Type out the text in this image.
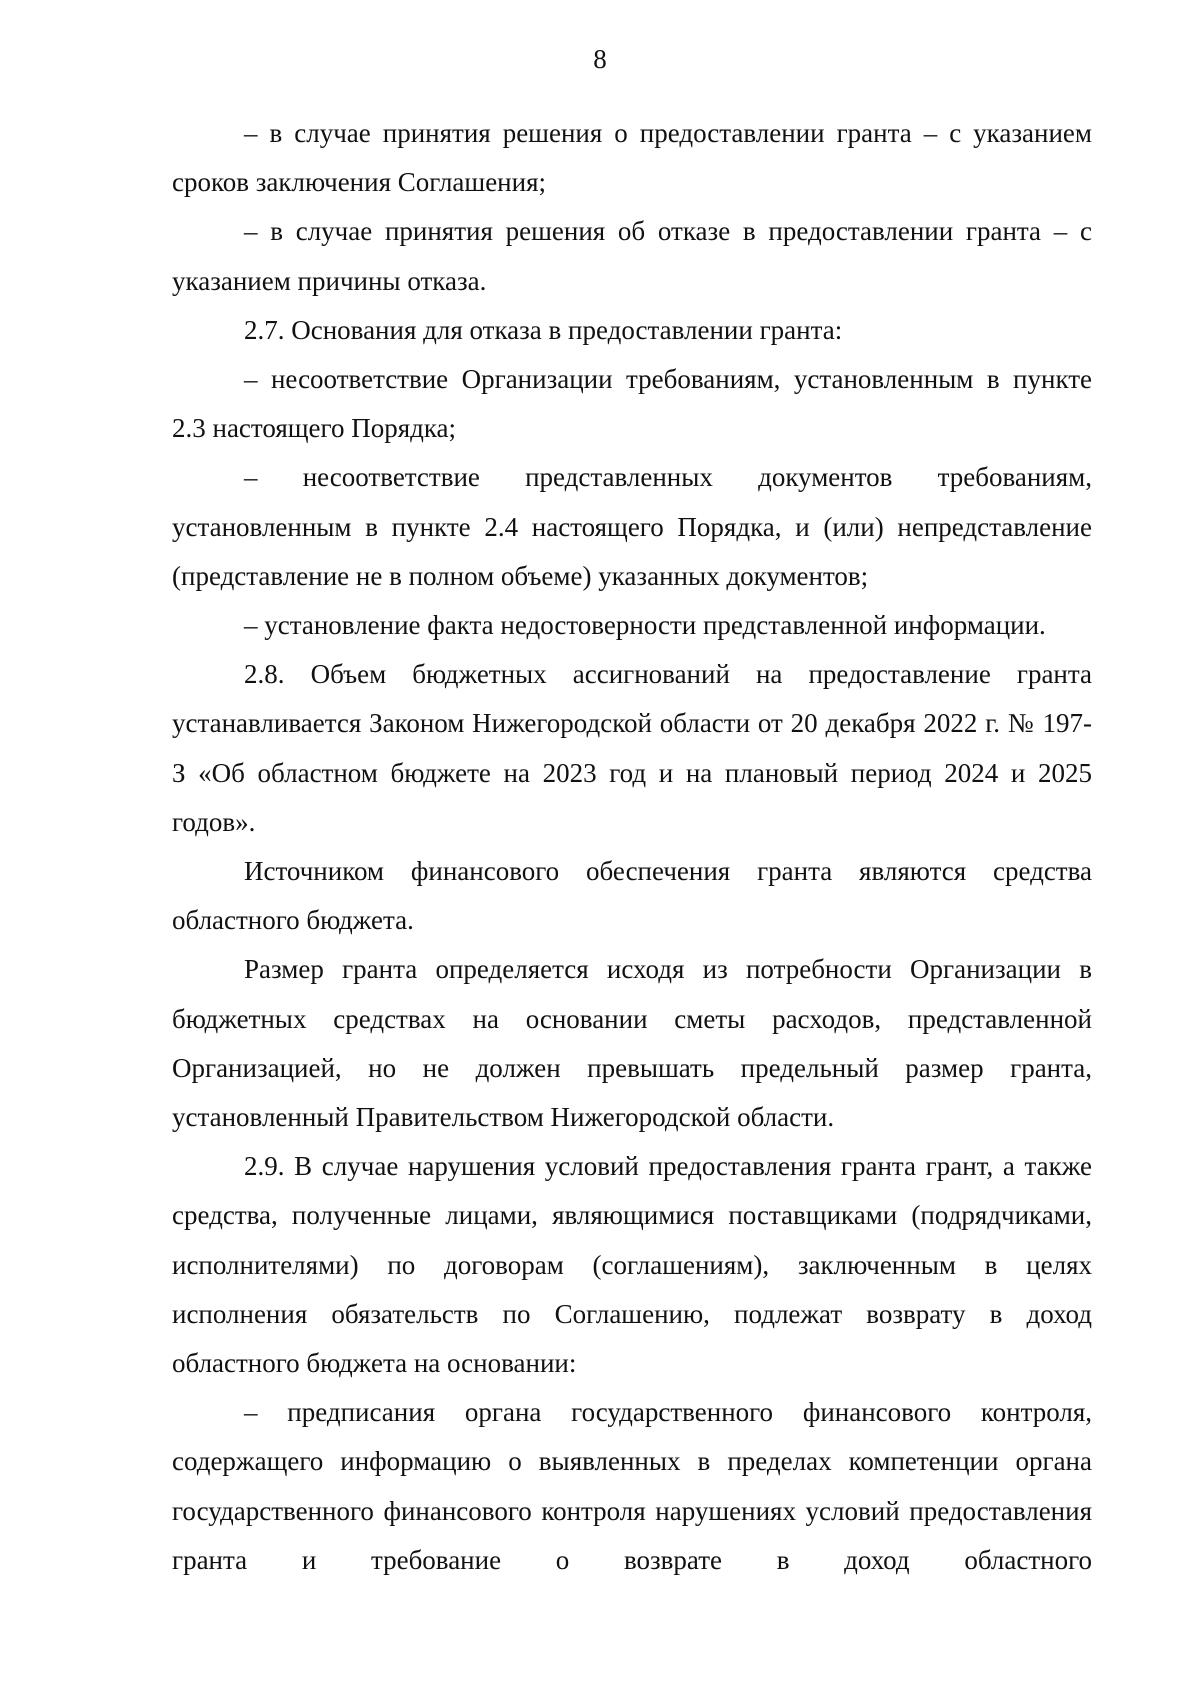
8

– в случае принятия решения о предоставлении гранта – с указанием сроков заключения Соглашения;

– в случае принятия решения об отказе в предоставлении гранта – с указанием причины отказа.

2.7. Основания для отказа в предоставлении гранта:

– несоответствие Организации требованиям, установленным в пункте 2.3 настоящего Порядка;

– несоответствие представленных документов требованиям, установленным в пункте 2.4 настоящего Порядка, и (или) непредставление (представление не в полном объеме) указанных документов;

– установление факта недостоверности представленной информации.

2.8. Объем бюджетных ассигнований на предоставление гранта устанавливается Законом Нижегородской области от 20 декабря 2022 г. № 197-З «Об областном бюджете на 2023 год и на плановый период 2024 и 2025 годов».

Источником финансового обеспечения гранта являются средства областного бюджета.

Размер гранта определяется исходя из потребности Организации в бюджетных средствах на основании сметы расходов, представленной Организацией, но не должен превышать предельный размер гранта, установленный Правительством Нижегородской области.

2.9. В случае нарушения условий предоставления гранта грант, а также средства, полученные лицами, являющимися поставщиками (подрядчиками, исполнителями) по договорам (соглашениям), заключенным в целях исполнения обязательств по Соглашению, подлежат возврату в доход областного бюджета на основании:

– предписания органа государственного финансового контроля, содержащего информацию о выявленных в пределах компетенции органа государственного финансового контроля нарушениях условий предоставления гранта и требование о возврате в доход областного
